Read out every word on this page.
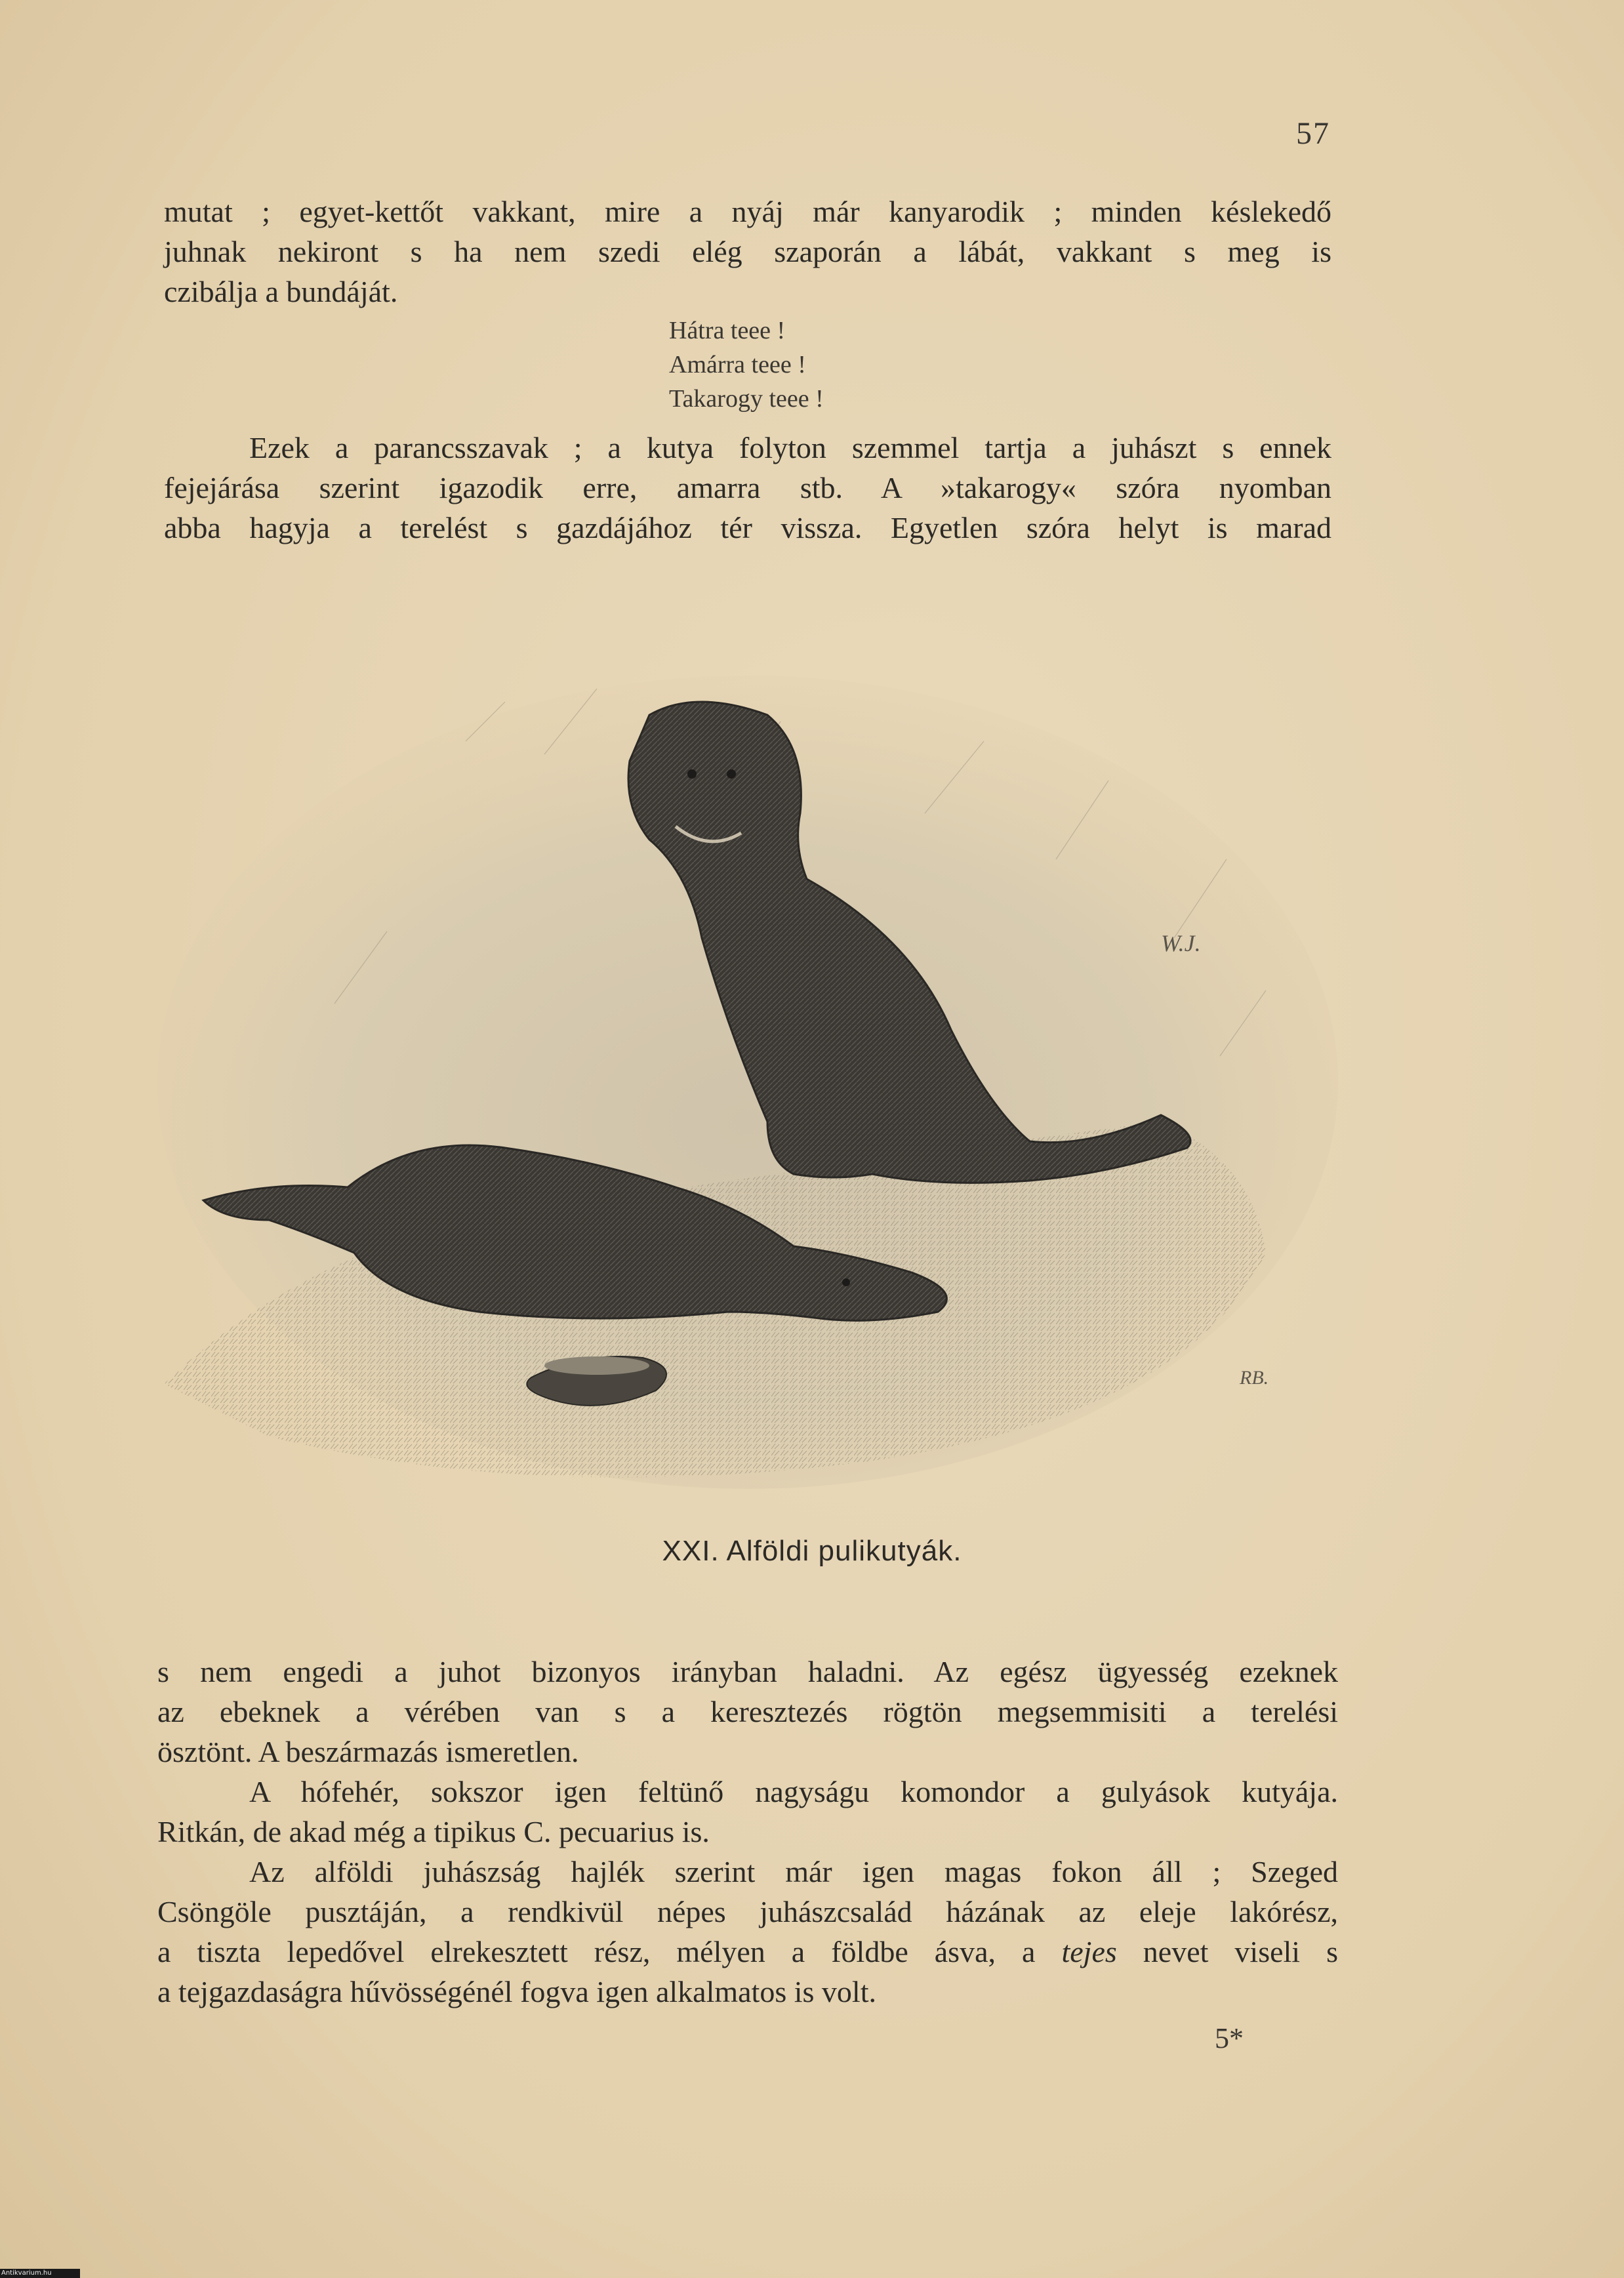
57
mutat ; egyet-kettőt vakkant, mire a nyáj már kanyarodik ; minden késlekedő
juhnak nekiront s ha nem szedi elég szaporán a lábát, vakkant s meg is
czibálja a bundáját.
Hátra teee !
Amárra teee !
Takarogy teee !
Ezek a parancsszavak ; a kutya folyton szemmel tartja a juhászt s ennek
fejejárása szerint igazodik erre, amarra stb. A »takarogy« szóra nyomban
abba hagyja a terelést s gazdájához tér vissza. Egyetlen szóra helyt is marad
W.J.
RB.
XXI. Alföldi pulikutyák.
s nem engedi a juhot bizonyos irányban haladni. Az egész ügyesség ezeknek
az ebeknek a vérében van s a keresztezés rögtön megsemmisiti a terelési
ösztönt. A beszármazás ismeretlen.
A hófehér, sokszor igen feltünő nagyságu komondor a gulyások kutyája.
Ritkán, de akad még a tipikus C. pecuarius is.
Az alföldi juhászság hajlék szerint már igen magas fokon áll ; Szeged
Csöngöle pusztáján, a rendkivül népes juhászcsalád házának az eleje lakórész,
a tiszta lepedővel elrekesztett rész, mélyen a földbe ásva, a tejes nevet viseli s
a tejgazdaságra hűvösségénél fogva igen alkalmatos is volt.
5*
Antikvarium.hu
